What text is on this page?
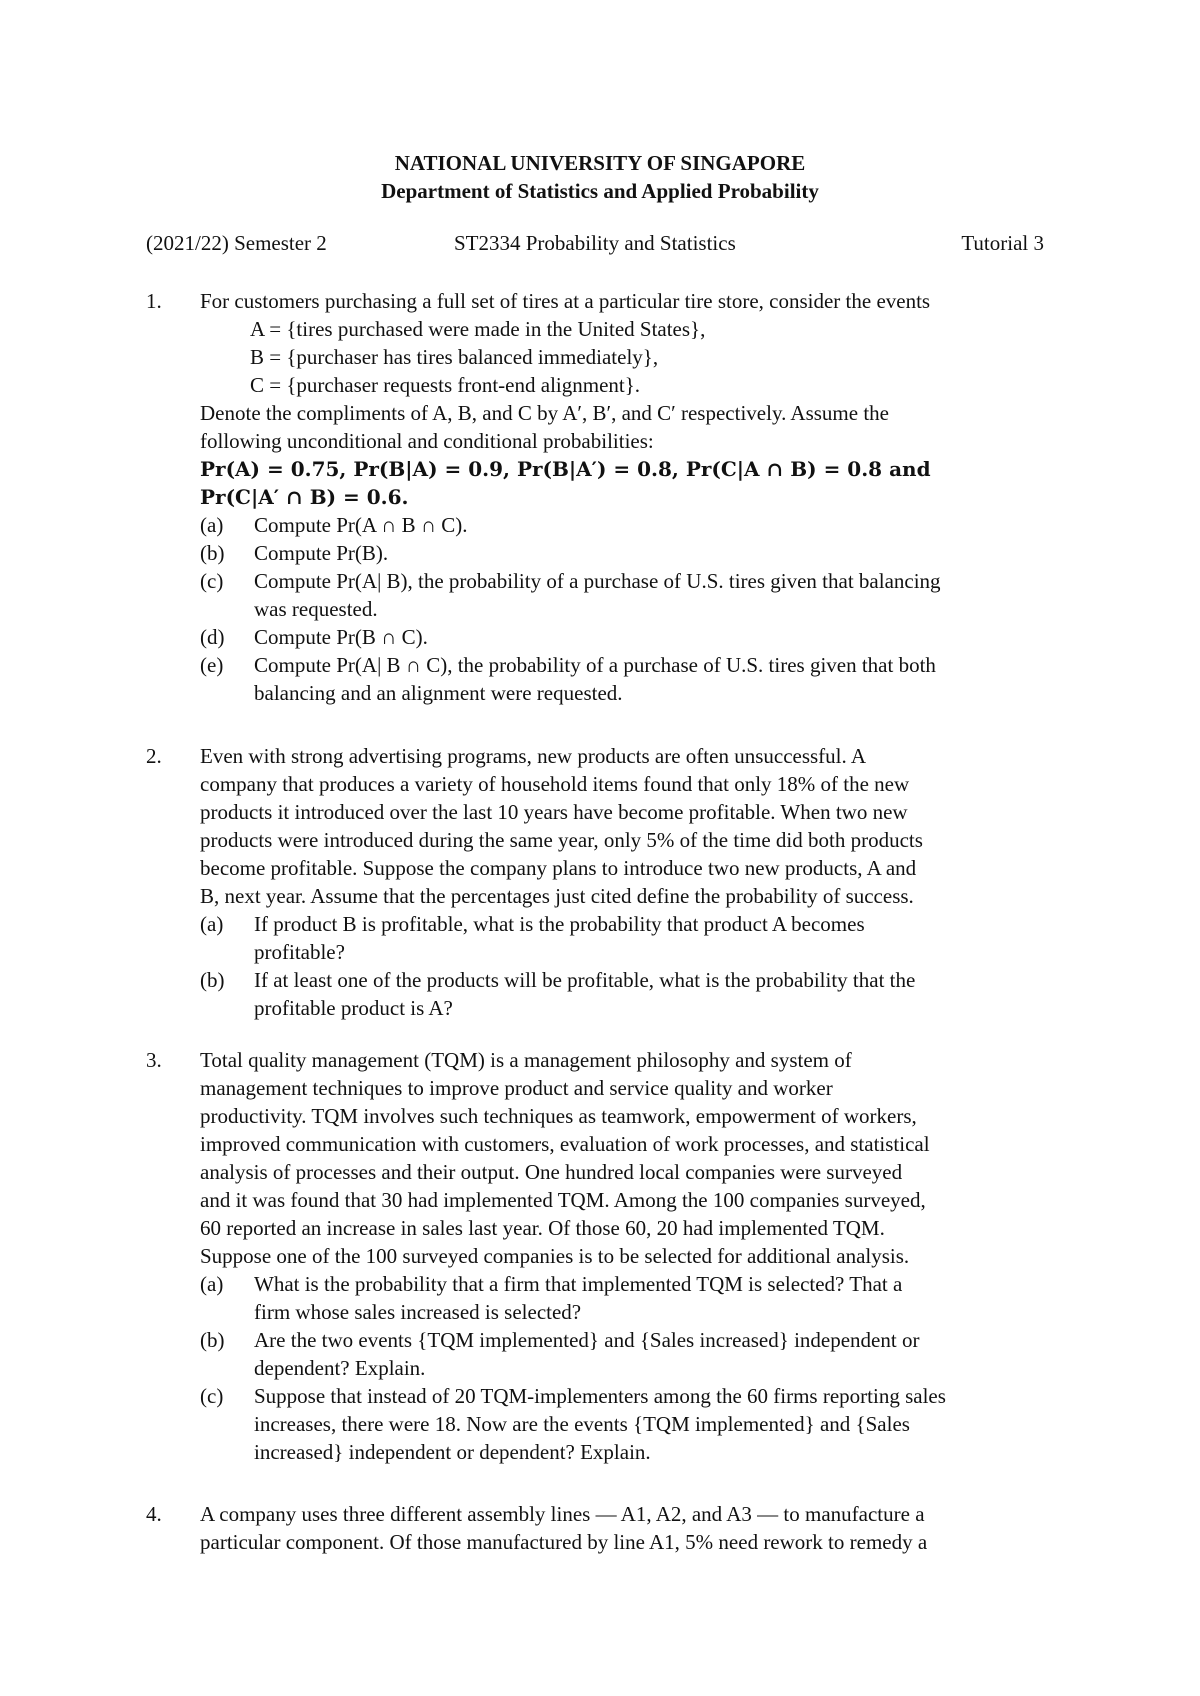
NATIONAL UNIVERSITY OF SINGAPORE
Department of Statistics and Applied Probability
(2021/22) Semester 2	ST2334 Probability and Statistics	Tutorial 3
1. For customers purchasing a full set of tires at a particular tire store, consider the events
A = {tires purchased were made in the United States},
B = {purchaser has tires balanced immediately},
C = {purchaser requests front-end alignment}.
Denote the compliments of A, B, and C by A′, B′, and C′ respectively. Assume the
following unconditional and conditional probabilities:
Pr(A) = 0.75, Pr(B|A) = 0.9, Pr(B|A′) = 0.8, Pr(C|A ∩ B) = 0.8 and
Pr(C|A′ ∩ B) = 0.6.
(a) Compute Pr(A ∩ B ∩ C).
(b) Compute Pr(B).
(c) Compute Pr(A| B), the probability of a purchase of U.S. tires given that balancing
was requested.
(d) Compute Pr(B ∩ C).
(e) Compute Pr(A| B ∩ C), the probability of a purchase of U.S. tires given that both
balancing and an alignment were requested.
2. Even with strong advertising programs, new products are often unsuccessful. A
company that produces a variety of household items found that only 18% of the new
products it introduced over the last 10 years have become profitable. When two new
products were introduced during the same year, only 5% of the time did both products
become profitable. Suppose the company plans to introduce two new products, A and
B, next year. Assume that the percentages just cited define the probability of success.
(a) If product B is profitable, what is the probability that product A becomes
profitable?
(b) If at least one of the products will be profitable, what is the probability that the
profitable product is A?
3. Total quality management (TQM) is a management philosophy and system of
management techniques to improve product and service quality and worker
productivity. TQM involves such techniques as teamwork, empowerment of workers,
improved communication with customers, evaluation of work processes, and statistical
analysis of processes and their output. One hundred local companies were surveyed
and it was found that 30 had implemented TQM. Among the 100 companies surveyed,
60 reported an increase in sales last year. Of those 60, 20 had implemented TQM.
Suppose one of the 100 surveyed companies is to be selected for additional analysis.
(a) What is the probability that a firm that implemented TQM is selected? That a
firm whose sales increased is selected?
(b) Are the two events {TQM implemented} and {Sales increased} independent or
dependent? Explain.
(c) Suppose that instead of 20 TQM-implementers among the 60 firms reporting sales
increases, there were 18. Now are the events {TQM implemented} and {Sales
increased} independent or dependent? Explain.
4. A company uses three different assembly lines — A1, A2, and A3 — to manufacture a
particular component. Of those manufactured by line A1, 5% need rework to remedy a
